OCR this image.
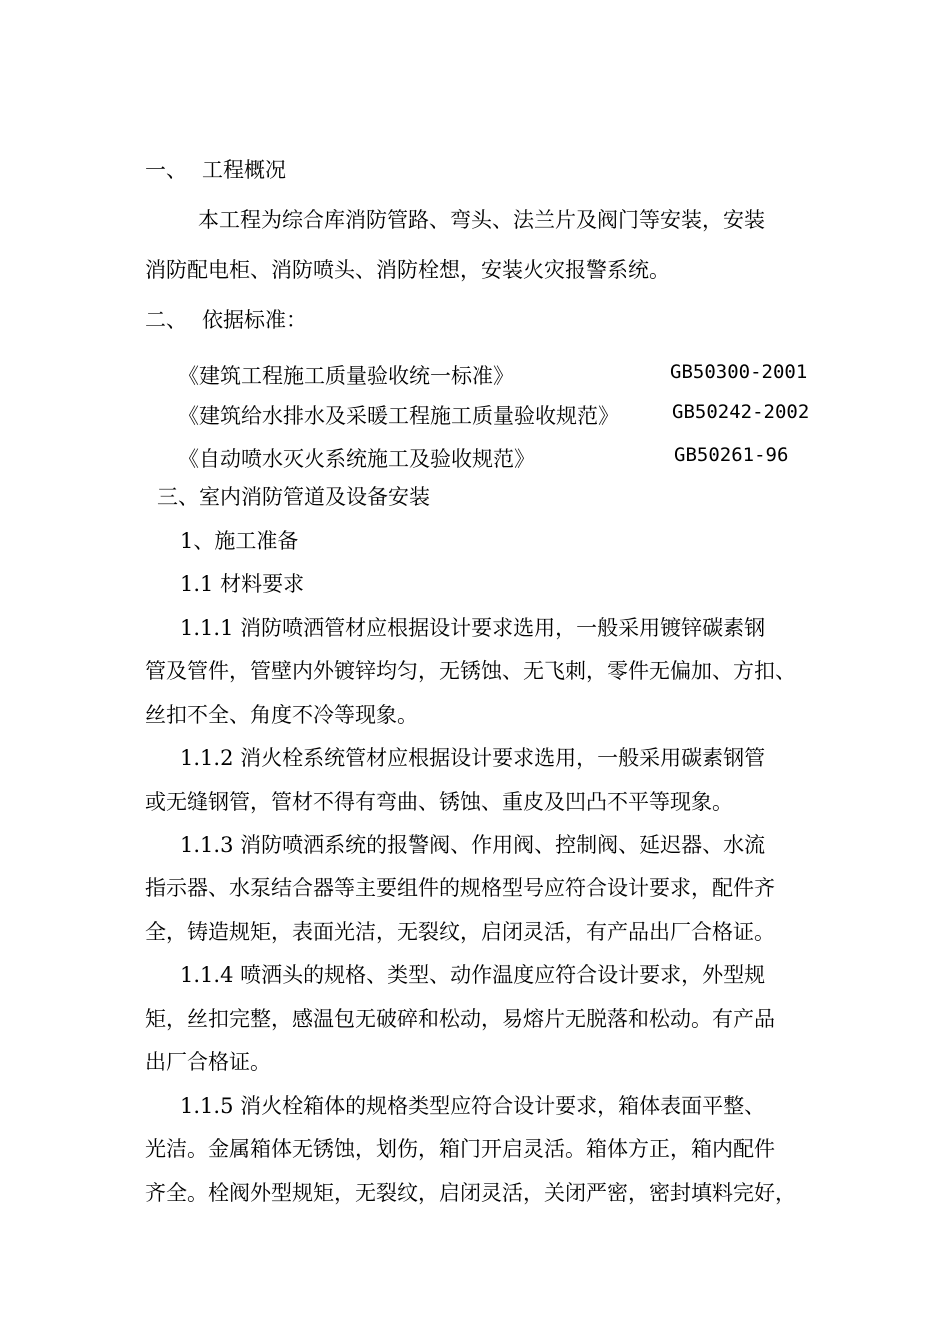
一、 工程概况
本工程为综合库消防管路、弯头、法兰片及阀门等安装，安装
消防配电柜、消防喷头、消防栓想，安装火灾报警系统。
二、 依据标准：
《建筑工程施工质量验收统一标准》	GB50300-2001
《建筑给水排水及采暖工程施工质量验收规范》	GB50242-2002
《自动喷水灭火系统施工及验收规范》	GB50261-96
三、室内消防管道及设备安装
1、施工准备
1.1 材料要求
1.1.1 消防喷洒管材应根据设计要求选用，一般采用镀锌碳素钢
管及管件，管壁内外镀锌均匀，无锈蚀、无飞刺，零件无偏加、方扣、
丝扣不全、角度不冷等现象。
1.1.2 消火栓系统管材应根据设计要求选用，一般采用碳素钢管
或无缝钢管，管材不得有弯曲、锈蚀、重皮及凹凸不平等现象。
1.1.3 消防喷洒系统的报警阀、作用阀、控制阀、延迟器、水流
指示器、水泵结合器等主要组件的规格型号应符合设计要求，配件齐
全，铸造规矩，表面光洁，无裂纹，启闭灵活，有产品出厂合格证。
1.1.4 喷洒头的规格、类型、动作温度应符合设计要求，外型规
矩，丝扣完整，感温包无破碎和松动，易熔片无脱落和松动。有产品
出厂合格证。
1.1.5 消火栓箱体的规格类型应符合设计要求，箱体表面平整、
光洁。金属箱体无锈蚀，划伤，箱门开启灵活。箱体方正，箱内配件
齐全。栓阀外型规矩，无裂纹，启闭灵活，关闭严密，密封填料完好，
